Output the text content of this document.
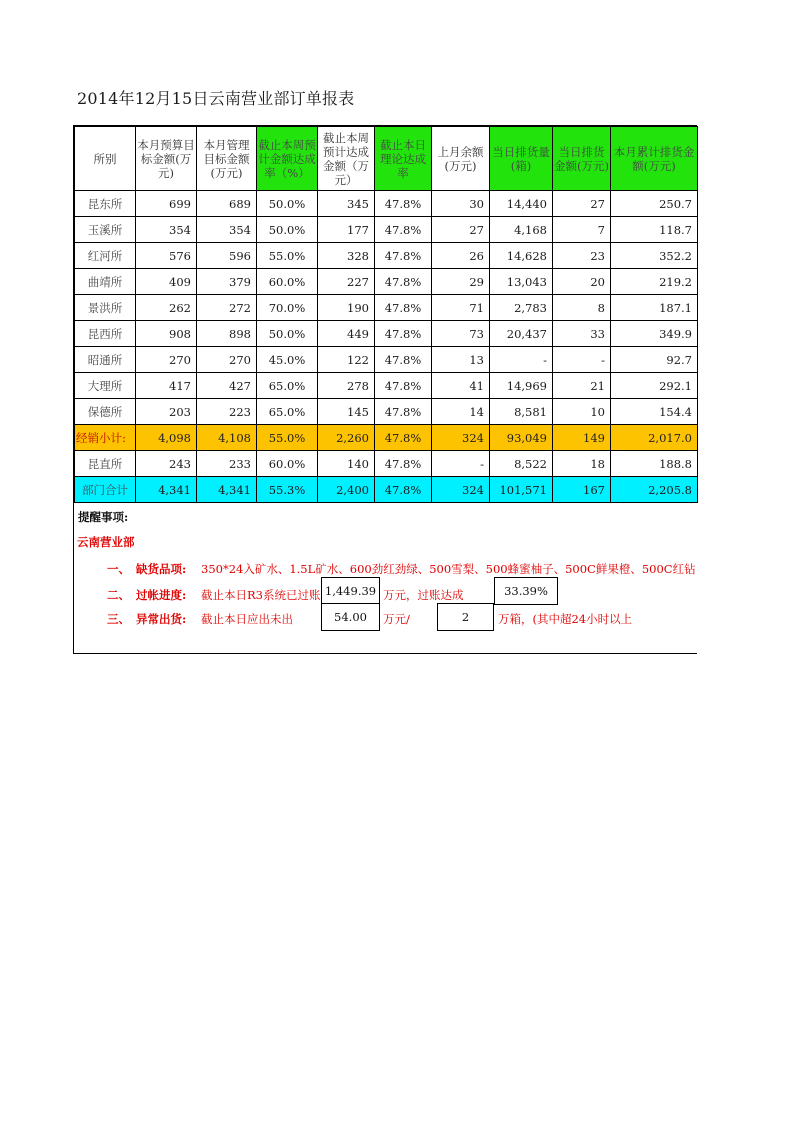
2014年12月15日云南营业部订单报表
所别	本月预算目标金额(万元)	本月管理目标金额(万元)	截止本周预计金额达成率（%）	截止本周预计达成金额（万元）	截止本日理论达成率	上月余额(万元)	当日排货量(箱)	当日排货金额(万元)	本月累计排货金额(万元)
昆东所	699	689	50.0%	345	47.8%	30	14,440	27	250.7
玉溪所	354	354	50.0%	177	47.8%	27	4,168	7	118.7
红河所	576	596	55.0%	328	47.8%	26	14,628	23	352.2
曲靖所	409	379	60.0%	227	47.8%	29	13,043	20	219.2
景洪所	262	272	70.0%	190	47.8%	71	2,783	8	187.1
昆西所	908	898	50.0%	449	47.8%	73	20,437	33	349.9
昭通所	270	270	45.0%	122	47.8%	13	-	-	92.7
大理所	417	427	65.0%	278	47.8%	41	14,969	21	292.1
保德所	203	223	65.0%	145	47.8%	14	8,581	10	154.4
经销小计:	4,098	4,108	55.0%	2,260	47.8%	324	93,049	149	2,017.0
昆直所	243	233	60.0%	140	47.8%	-	8,522	18	188.8
部门合计	4,341	4,341	55.3%	2,400	47.8%	324	101,571	167	2,205.8
提醒事项:
云南营业部
一、 缺货品项: 350*24入矿水、1.5L矿水、600劲红劲绿、500雪梨、500蜂蜜柚子、500C鲜果橙、500C红钻
二、 过帐进度: 截止本日R3系统已过账 1,449.39 万元，过账达成	33.39%
三、 异常出货: 截止本日应出未出	54.00	万元/	2	万箱，(其中超24小时以上
